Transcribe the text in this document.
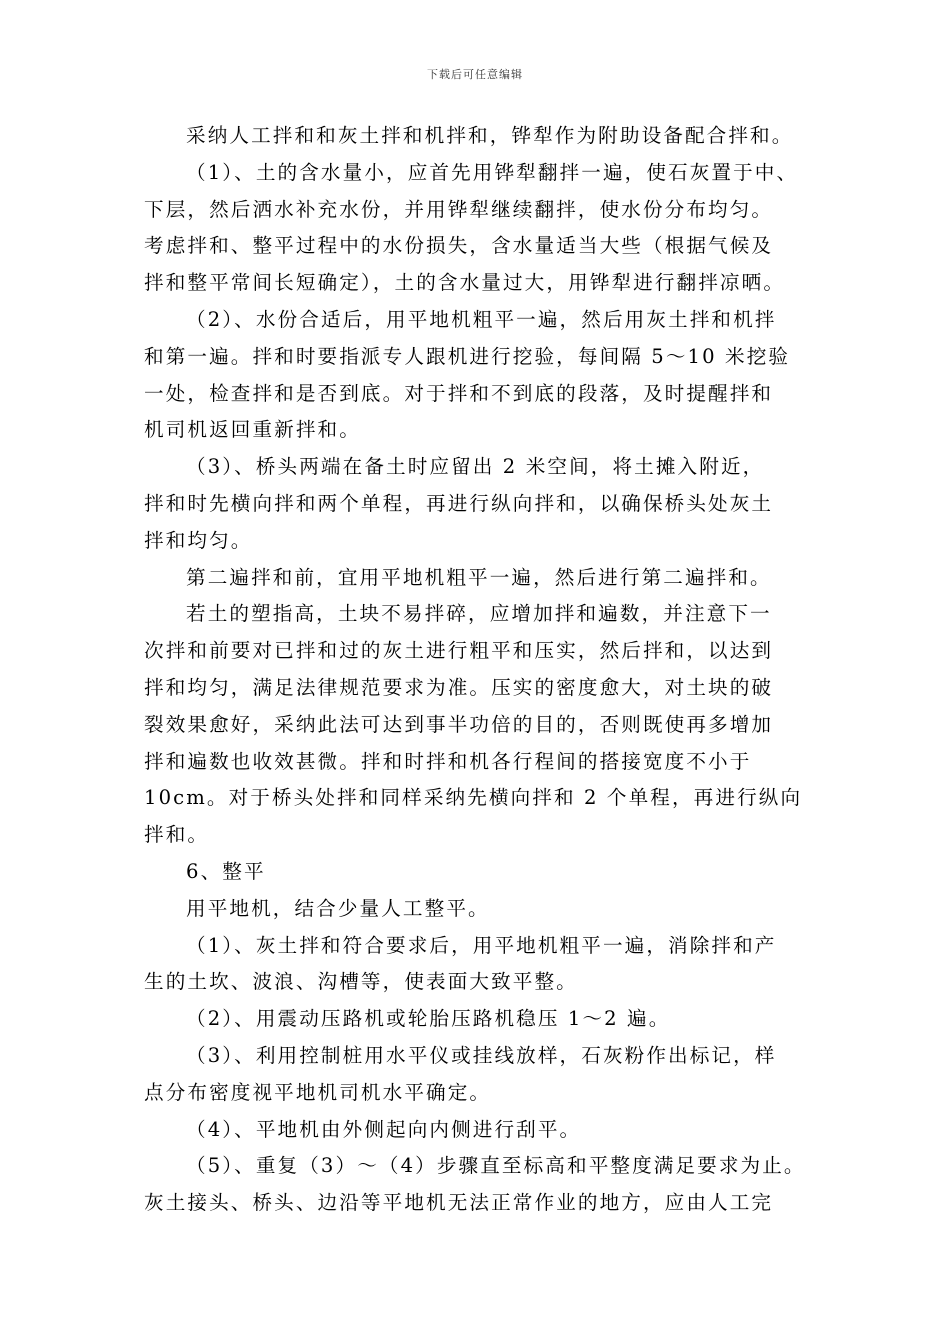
下载后可任意编辑
采纳人工拌和和灰土拌和机拌和，铧犁作为附助设备配合拌和。
（1）、土的含水量小，应首先用铧犁翻拌一遍，使石灰置于中、
下层，然后洒水补充水份，并用铧犁继续翻拌，使水份分布均匀。
考虑拌和、整平过程中的水份损失，含水量适当大些（根据气候及
拌和整平常间长短确定），土的含水量过大，用铧犁进行翻拌凉晒。
（2）、水份合适后，用平地机粗平一遍，然后用灰土拌和机拌
和第一遍。拌和时要指派专人跟机进行挖验，每间隔 5～10 米挖验
一处，检查拌和是否到底。对于拌和不到底的段落，及时提醒拌和
机司机返回重新拌和。
（3）、桥头两端在备土时应留出 2 米空间，将土摊入附近，
拌和时先横向拌和两个单程，再进行纵向拌和，以确保桥头处灰土
拌和均匀。
第二遍拌和前，宜用平地机粗平一遍，然后进行第二遍拌和。
若土的塑指高，土块不易拌碎，应增加拌和遍数，并注意下一
次拌和前要对已拌和过的灰土进行粗平和压实，然后拌和，以达到
拌和均匀，满足法律规范要求为准。压实的密度愈大，对土块的破
裂效果愈好，采纳此法可达到事半功倍的目的，否则既使再多增加
拌和遍数也收效甚微。拌和时拌和机各行程间的搭接宽度不小于
10cm。对于桥头处拌和同样采纳先横向拌和 2 个单程，再进行纵向
拌和。
6、整平
用平地机，结合少量人工整平。
（1）、灰土拌和符合要求后，用平地机粗平一遍，消除拌和产
生的土坎、波浪、沟槽等，使表面大致平整。
（2）、用震动压路机或轮胎压路机稳压 1～2 遍。
（3）、利用控制桩用水平仪或挂线放样，石灰粉作出标记，样
点分布密度视平地机司机水平确定。
（4）、平地机由外侧起向内侧进行刮平。
（5）、重复（3）～（4）步骤直至标高和平整度满足要求为止。
灰土接头、桥头、边沿等平地机无法正常作业的地方，应由人工完
